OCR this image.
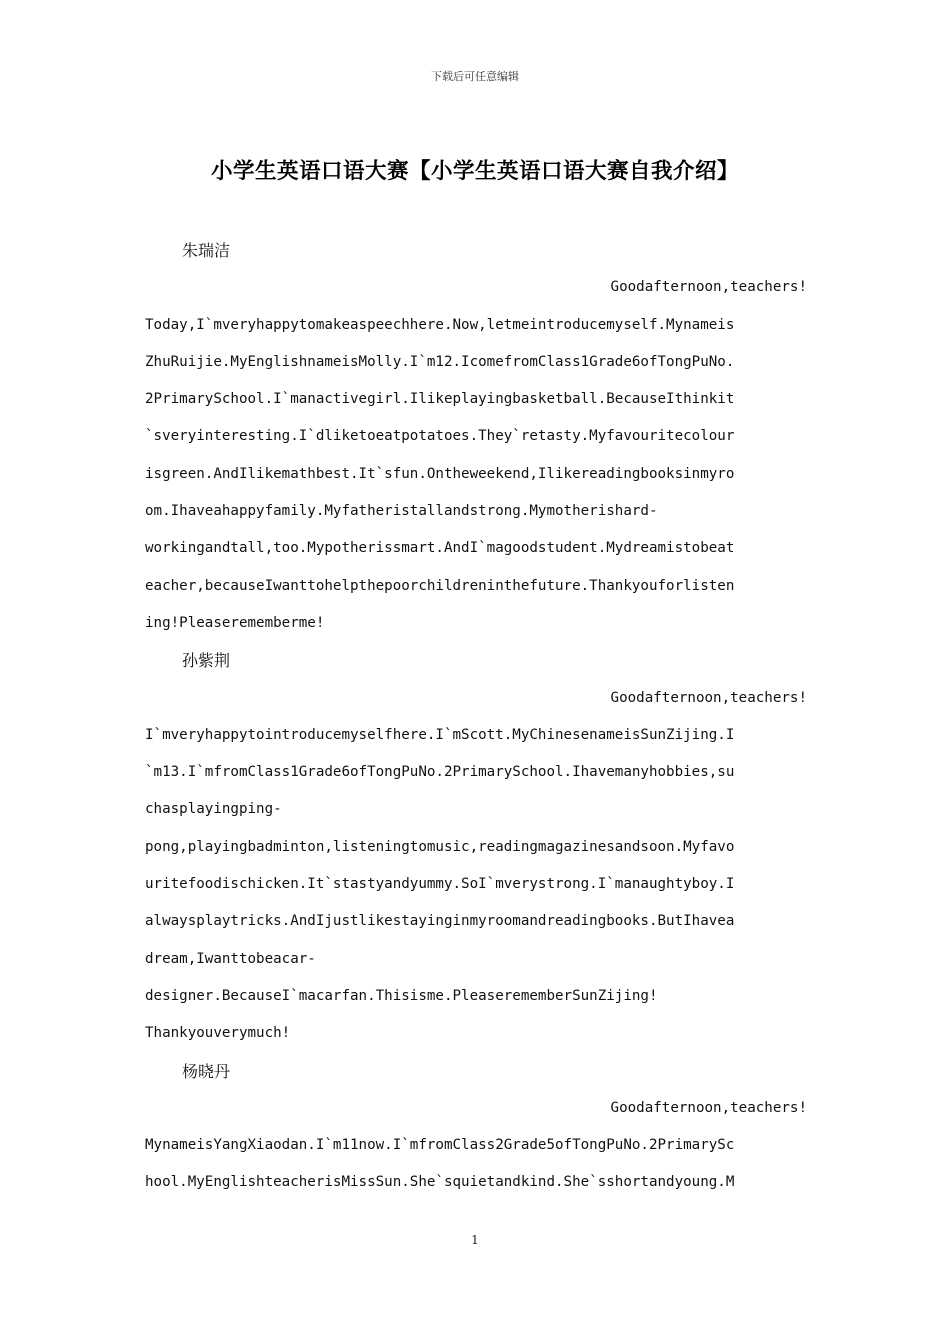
下载后可任意编辑
小学生英语口语大赛【小学生英语口语大赛自我介绍】
朱瑞洁
Goodafternoon,teachers!
Today,I`mveryhappytomakeaspeechhere.Now,letmeintroducemyself.Mynameis
ZhuRuijie.MyEnglishnameisMolly.I`m12.IcomefromClass1Grade6ofTongPuNo.
2PrimarySchool.I`manactivegirl.Ilikeplayingbasketball.BecauseIthinkit
`sveryinteresting.I`dliketoeatpotatoes.They`retasty.Myfavouritecolour
isgreen.AndIlikemathbest.It`sfun.Ontheweekend,Ilikereadingbooksinmyro
om.Ihaveahappyfamily.Myfatheristallandstrong.Mymotherishard-
workingandtall,too.Mypotherissmart.AndI`magoodstudent.Mydreamistobeat
eacher,becauseIwanttohelpthepoorchildreninthefuture.Thankyouforlisten
ing!Pleaserememberme!
孙紫荆
Goodafternoon,teachers!
I`mveryhappytointroducemyselfhere.I`mScott.MyChinesenameisSunZijing.I
`m13.I`mfromClass1Grade6ofTongPuNo.2PrimarySchool.Ihavemanyhobbies,su
chasplayingping-
pong,playingbadminton,listeningtomusic,readingmagazinesandsoon.Myfavo
uritefoodischicken.It`stastyandyummy.SoI`mverystrong.I`manaughtyboy.I
alwaysplaytricks.AndIjustlikestayinginmyroomandreadingbooks.ButIhavea
dream,Iwanttobeacar-
designer.BecauseI`macarfan.Thisisme.PleaserememberSunZijing!
Thankyouverymuch!
杨晓丹
Goodafternoon,teachers!
MynameisYangXiaodan.I`m11now.I`mfromClass2Grade5ofTongPuNo.2PrimarySc
hool.MyEnglishteacherisMissSun.She`squietandkind.She`sshortandyoung.M
1
